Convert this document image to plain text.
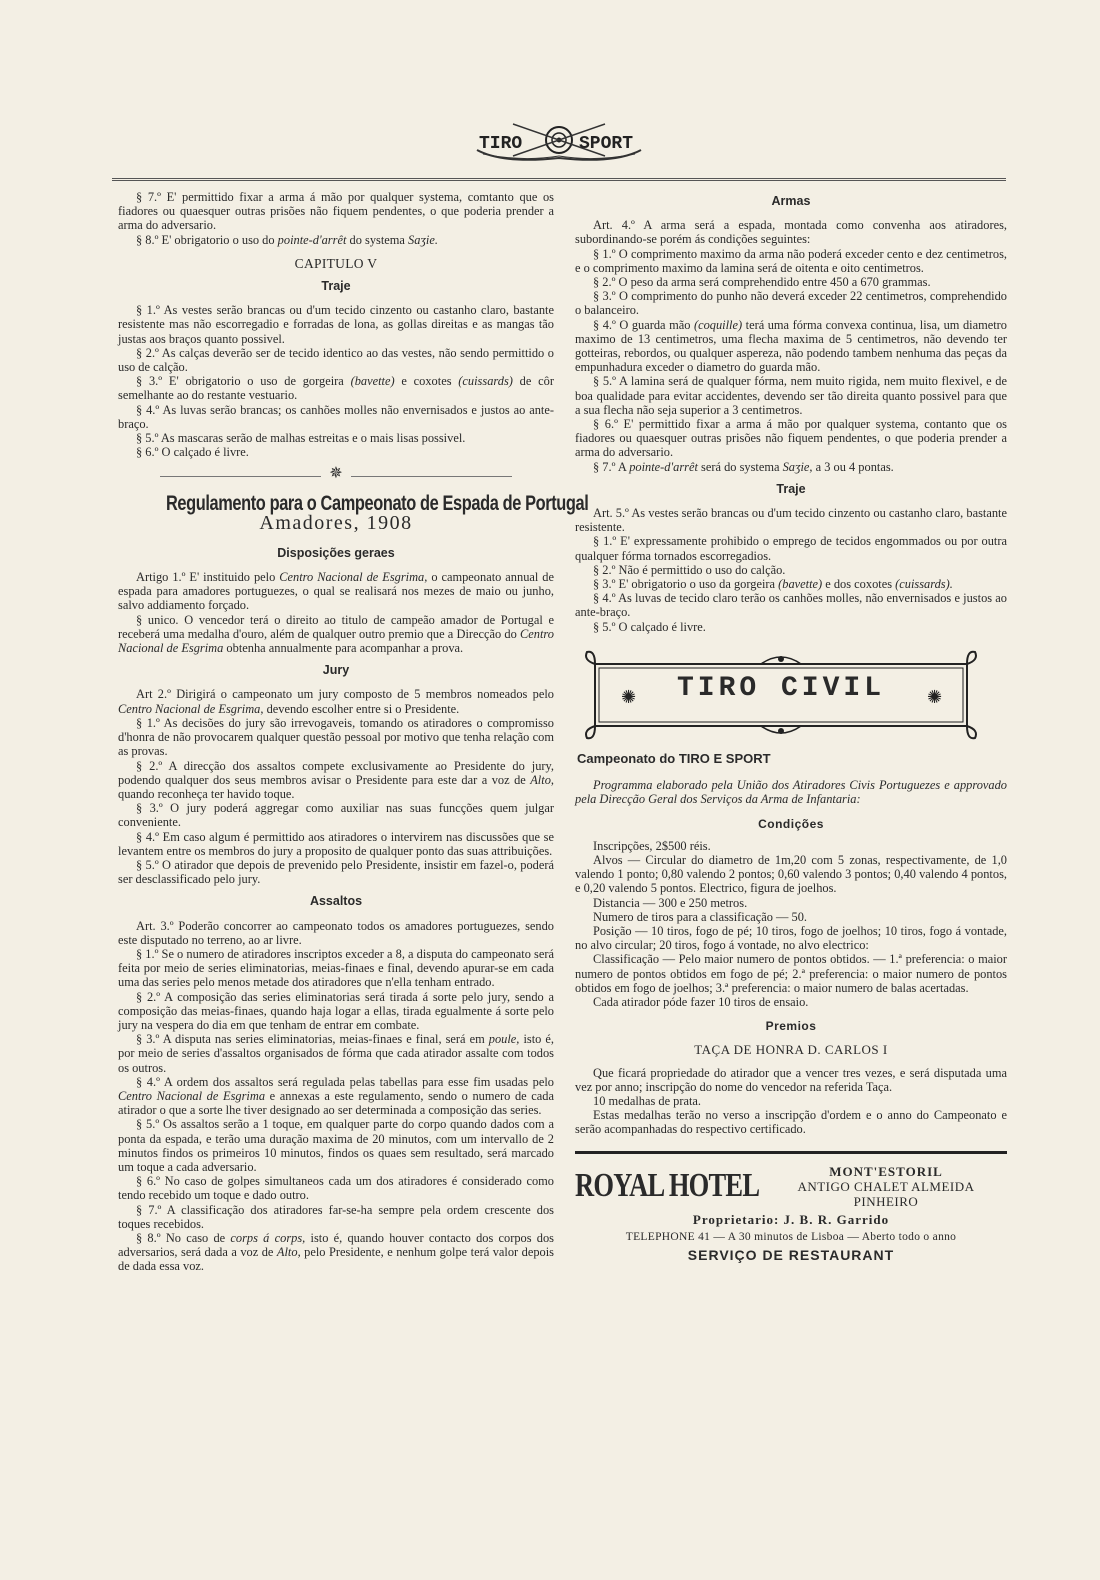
TIRO	SPORT

§ 7.º E' permittido fixar a arma á mão por qualquer systema, comtanto que os fiadores ou quaesquer outras prisões não fiquem pendentes, o que poderia prender a arma do adversario.

§ 8.º E' obrigatorio o uso do pointe-d'arrêt do systema Saʒie.

CAPITULO V
Traje

§ 1.º As vestes serão brancas ou d'um tecido cinzento ou castanho claro, bastante resistente mas não escorregadio e forradas de lona, as gollas direitas e as mangas tão justas aos braços quanto possivel.

§ 2.º As calças deverão ser de tecido identico ao das vestes, não sendo permittido o uso de calção.

§ 3.º E' obrigatorio o uso de gorgeira (bavette) e coxotes (cuissards) de côr semelhante ao do restante vestuario.

§ 4.º As luvas serão brancas; os canhões molles não envernisados e justos ao ante-braço.

§ 5.º As mascaras serão de malhas estreitas e o mais lisas possivel.

§ 6.º O calçado é livre.

✵
Regulamento para o Campeonato de Espada de Portugal
Amadores, 1908
Disposições geraes

Artigo 1.º E' instituido pelo Centro Nacional de Esgrima, o campeonato annual de espada para amadores portuguezes, o qual se realisará nos mezes de maio ou junho, salvo addiamento forçado.

§ unico. O vencedor terá o direito ao titulo de campeão amador de Portugal e receberá uma medalha d'ouro, além de qualquer outro premio que a Direcção do Centro Nacional de Esgrima obtenha annualmente para acompanhar a prova.

Jury

Art 2.º Dirigirá o campeonato um jury composto de 5 membros nomeados pelo Centro Nacional de Esgrima, devendo escolher entre si o Presidente.

§ 1.º As decisões do jury são irrevogaveis, tomando os atiradores o compromisso d'honra de não provocarem qualquer questão pessoal por motivo que tenha relação com as provas.

§ 2.º A direcção dos assaltos compete exclusivamente ao Presidente do jury, podendo qualquer dos seus membros avisar o Presidente para este dar a voz de Alto, quando reconheça ter havido toque.

§ 3.º O jury poderá aggregar como auxiliar nas suas funcções quem julgar conveniente.

§ 4.º Em caso algum é permittido aos atiradores o intervirem nas discussões que se levantem entre os membros do jury a proposito de qualquer ponto das suas attribuições.

§ 5.º O atirador que depois de prevenido pelo Presidente, insistir em fazel-o, poderá ser desclassificado pelo jury.

Assaltos

Art. 3.º Poderão concorrer ao campeonato todos os amadores portuguezes, sendo este disputado no terreno, ao ar livre.

§ 1.º Se o numero de atiradores inscriptos exceder a 8, a disputa do campeonato será feita por meio de series eliminatorias, meias-finaes e final, devendo apurar-se em cada uma das series pelo menos metade dos atiradores que n'ella tenham entrado.

§ 2.º A composição das series eliminatorias será tirada á sorte pelo jury, sendo a composição das meias-finaes, quando haja logar a ellas, tirada egualmente á sorte pelo jury na vespera do dia em que tenham de entrar em combate.

§ 3.º A disputa nas series eliminatorias, meias-finaes e final, será em poule, isto é, por meio de series d'assaltos organisados de fórma que cada atirador assalte com todos os outros.

§ 4.º A ordem dos assaltos será regulada pelas tabellas para esse fim usadas pelo Centro Nacional de Esgrima e annexas a este regulamento, sendo o numero de cada atirador o que a sorte lhe tiver designado ao ser determinada a composição das series.

§ 5.º Os assaltos serão a 1 toque, em qualquer parte do corpo quando dados com a ponta da espada, e terão uma duração maxima de 20 minutos, com um intervallo de 2 minutos findos os primeiros 10 minutos, findos os quaes sem resultado, será marcado um toque a cada adversario.

§ 6.º No caso de golpes simultaneos cada um dos atiradores é considerado como tendo recebido um toque e dado outro.

§ 7.º A classificação dos atiradores far-se-ha sempre pela ordem crescente dos toques recebidos.

§ 8.º No caso de corps á corps, isto é, quando houver contacto dos corpos dos adversarios, será dada a voz de Alto, pelo Presidente, e nenhum golpe terá valor depois de dada essa voz.

Armas

Art. 4.º A arma será a espada, montada como convenha aos atiradores, subordinando-se porém ás condições seguintes:

§ 1.º O comprimento maximo da arma não poderá exceder cento e dez centimetros, e o comprimento maximo da lamina será de oitenta e oito centimetros.

§ 2.º O peso da arma será comprehendido entre 450 a 670 grammas.

§ 3.º O comprimento do punho não deverá exceder 22 centimetros, comprehendido o balanceiro.

§ 4.º O guarda mão (coquille) terá uma fórma convexa continua, lisa, um diametro maximo de 13 centimetros, uma flecha maxima de 5 centimetros, não devendo ter gotteiras, rebordos, ou qualquer aspereza, não podendo tambem nenhuma das peças da empunhadura exceder o diametro do guarda mão.

§ 5.º A lamina será de qualquer fórma, nem muito rigida, nem muito flexivel, e de boa qualidade para evitar accidentes, devendo ser tão direita quanto possivel para que a sua flecha não seja superior a 3 centimetros.

§ 6.º E' permittido fixar a arma á mão por qualquer systema, contanto que os fiadores ou quaesquer outras prisões não fiquem pendentes, o que poderia prender a arma do adversario.

§ 7.º A pointe-d'arrêt será do systema Saʒie, a 3 ou 4 pontas.

Traje

Art. 5.º As vestes serão brancas ou d'um tecido cinzento ou castanho claro, bastante resistente.

§ 1.º E' expressamente prohibido o emprego de tecidos engommados ou por outra qualquer fórma tornados escorregadios.

§ 2.º Não é permittido o uso do calção.

§ 3.º E' obrigatorio o uso da gorgeira (bavette) e dos coxotes (cuissards).

§ 4.º As luvas de tecido claro terão os canhões molles, não envernisados e justos ao ante-braço.

§ 5.º O calçado é livre.

✺	✺
TIRO CIVIL
Campeonato do TIRO E SPORT

Programma elaborado pela União dos Atiradores Civis Portuguezes e approvado pela Direcção Geral dos Serviços da Arma de Infantaria:

Condições

Inscripções, 2$500 réis.

Alvos — Circular do diametro de 1m,20 com 5 zonas, respectivamente, de 1,0 valendo 1 ponto; 0,80 valendo 2 pontos; 0,60 valendo 3 pontos; 0,40 valendo 4 pontos, e 0,20 valendo 5 pontos. Electrico, figura de joelhos.

Distancia — 300 e 250 metros.

Numero de tiros para a classificação — 50.

Posição — 10 tiros, fogo de pé; 10 tiros, fogo de joelhos; 10 tiros, fogo á vontade, no alvo circular; 20 tiros, fogo á vontade, no alvo electrico:

Classificação — Pelo maior numero de pontos obtidos. — 1.ª preferencia: o maior numero de pontos obtidos em fogo de pé; 2.ª preferencia: o maior numero de pontos obtidos em fogo de joelhos; 3.ª preferencia: o maior numero de balas acertadas.

Cada atirador póde fazer 10 tiros de ensaio.

Premios
TAÇA DE HONRA D. CARLOS I

Que ficará propriedade do atirador que a vencer tres vezes, e será disputada uma vez por anno; inscripção do nome do vencedor na referida Taça.

10 medalhas de prata.

Estas medalhas terão no verso a inscripção d'ordem e o anno do Campeonato e serão acompanhadas do respectivo certificado.

ROYAL HOTEL	MONT'ESTORIL
ANTIGO CHALET ALMEIDA PINHEIRO
Proprietario: J. B. R. Garrido
TELEPHONE 41 — A 30 minutos de Lisboa — Aberto todo o anno
SERVIÇO DE RESTAURANT
